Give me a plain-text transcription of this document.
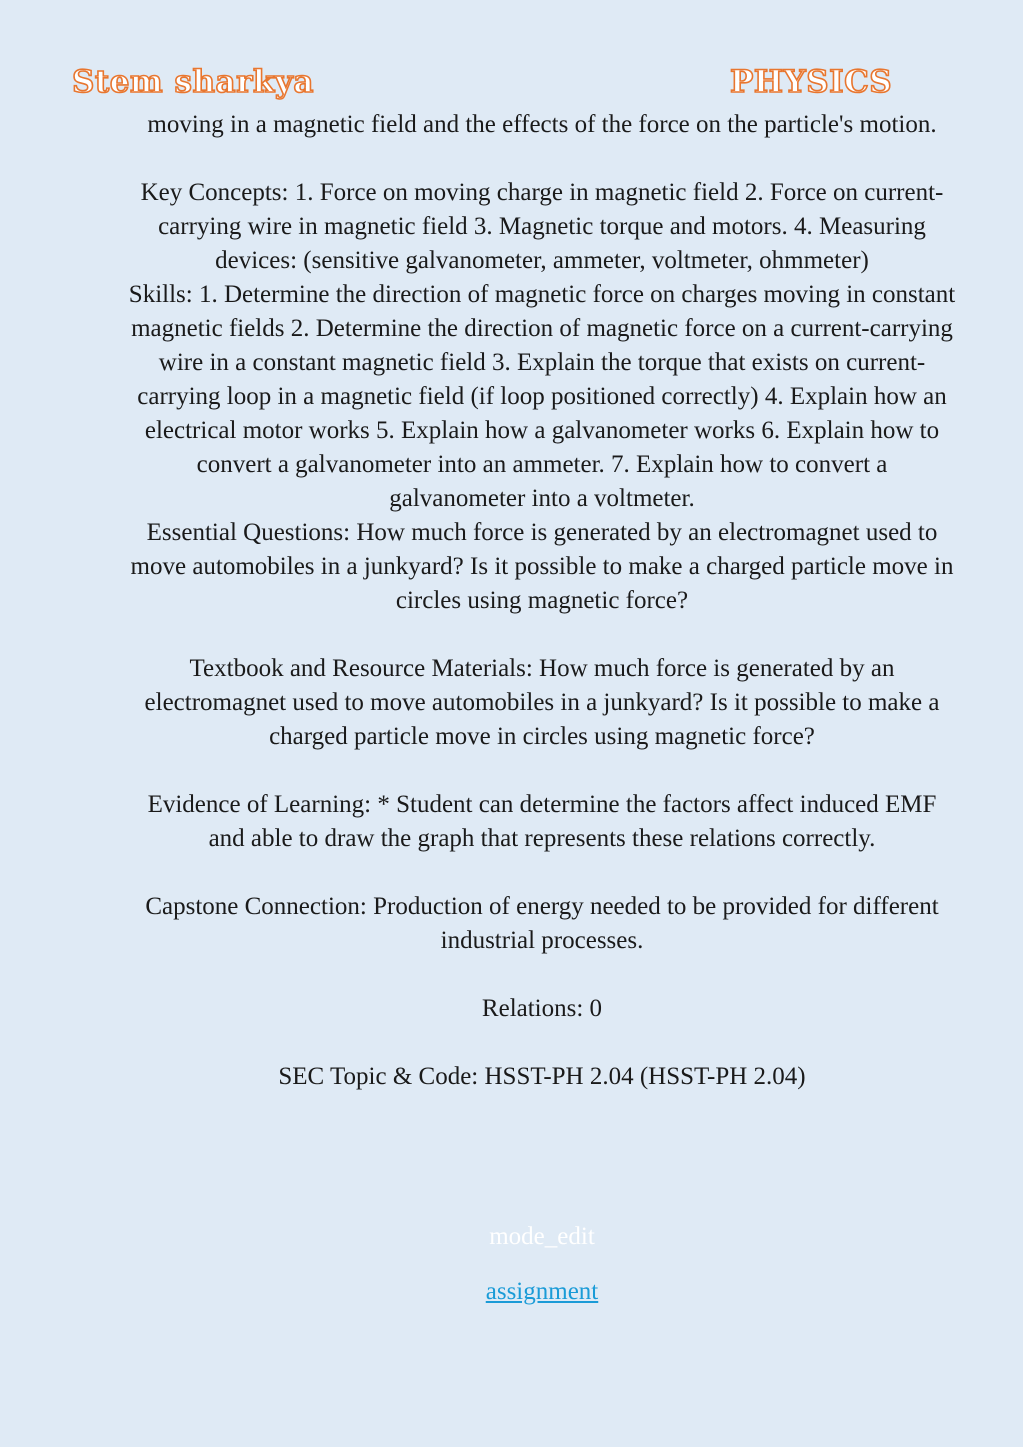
Stem sharkya	PHYSICS

moving in a magnetic field and the effects of the force on the particle's motion.

Key Concepts: 1. Force on moving charge in magnetic field 2. Force on current-carrying wire in magnetic field 3. Magnetic torque and motors. 4. Measuring devices: (sensitive galvanometer, ammeter, voltmeter, ohmmeter)

Skills: 1. Determine the direction of magnetic force on charges moving in constant magnetic fields 2. Determine the direction of magnetic force on a current-carrying wire in a constant magnetic field 3. Explain the torque that exists on current-carrying loop in a magnetic field (if loop positioned correctly) 4. Explain how an electrical motor works 5. Explain how a galvanometer works 6. Explain how to convert a galvanometer into an ammeter. 7. Explain how to convert a galvanometer into a voltmeter.

Essential Questions: How much force is generated by an electromagnet used to move automobiles in a junkyard? Is it possible to make a charged particle move in circles using magnetic force?

Textbook and Resource Materials: How much force is generated by an electromagnet used to move automobiles in a junkyard? Is it possible to make a charged particle move in circles using magnetic force?

Evidence of Learning: * Student can determine the factors affect induced EMF and able to draw the graph that represents these relations correctly.

Capstone Connection: Production of energy needed to be provided for different industrial processes.

Relations: 0

SEC Topic & Code: HSST-PH 2.04 (HSST-PH 2.04)

mode_edit
assignment
